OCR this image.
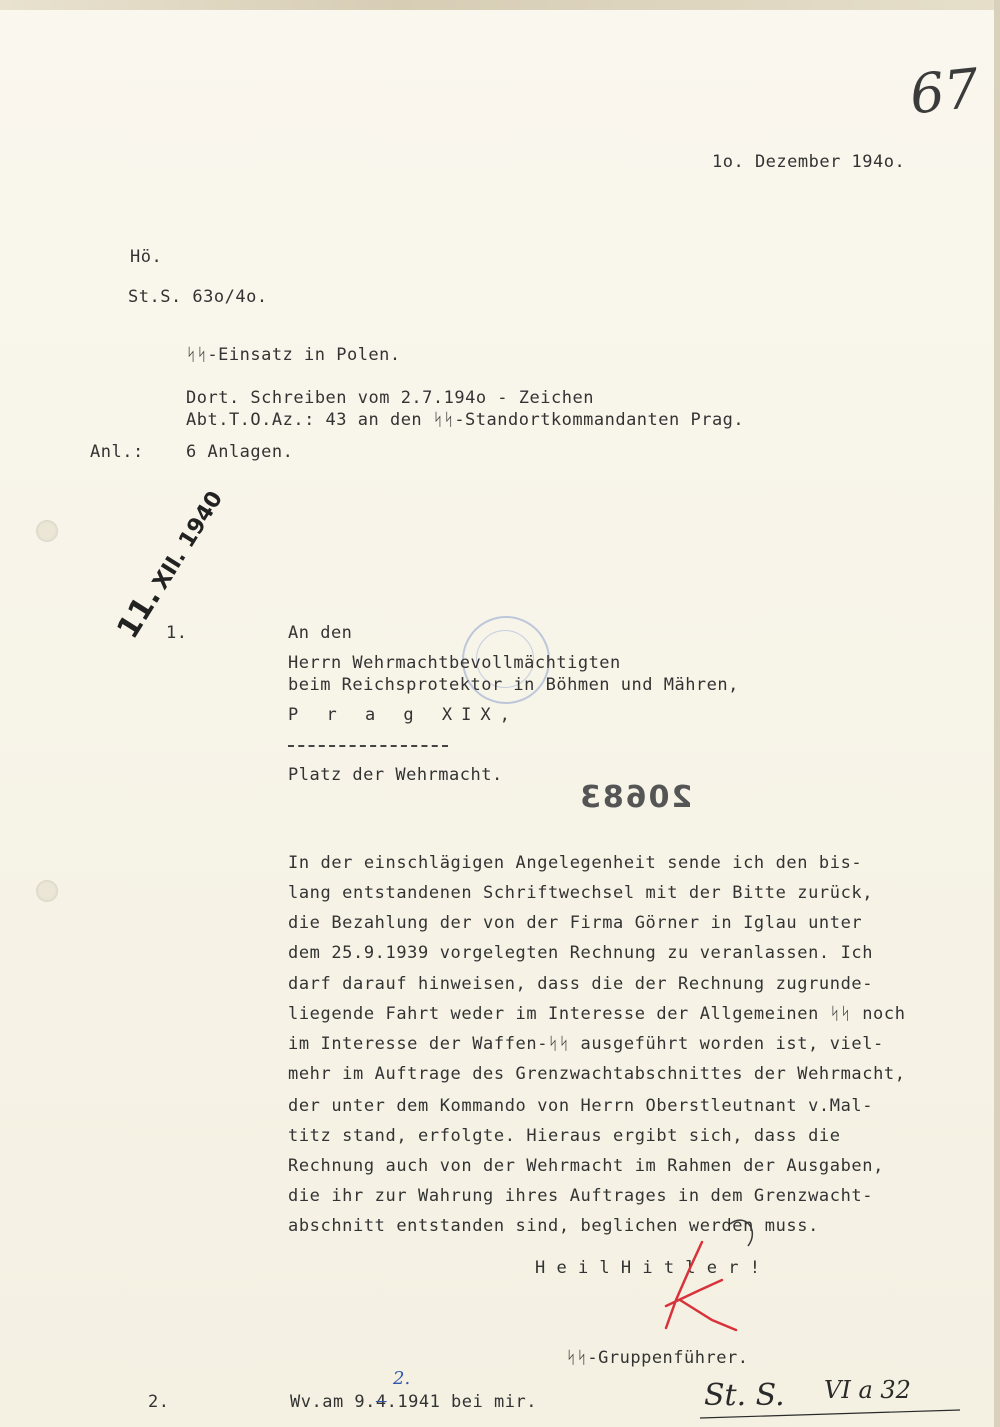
67
1o. Dezember 194o.
Hö.
St.S. 63o/4o.
ᛋᛋ-Einsatz in Polen.
Dort. Schreiben vom 2.7.194o - Zeichen
Abt.T.O.Az.: 43 an den ᛋᛋ-Standortkommandanten Prag.
Anl.: 6 Anlagen.
11. XII. 1940
1.	An den
Herrn Wehrmachtbevollmächtigten
beim Reichsprotektor in Böhmen und Mähren,
P r a g XIX,
Platz der Wehrmacht.
20683
In der einschlägigen Angelegenheit sende ich den bis-
lang entstandenen Schriftwechsel mit der Bitte zurück,
die Bezahlung der von der Firma Görner in Iglau unter
dem 25.9.1939 vorgelegten Rechnung zu veranlassen. Ich
darf darauf hinweisen, dass die der Rechnung zugrunde-
liegende Fahrt weder im Interesse der Allgemeinen ᛋᛋ noch
im Interesse der Waffen-ᛋᛋ ausgeführt worden ist, viel-
mehr im Auftrage des Grenzwachtabschnittes der Wehrmacht,
der unter dem Kommando von Herrn Oberstleutnant v.Mal-
titz stand, erfolgte. Hieraus ergibt sich, dass die
Rechnung auch von der Wehrmacht im Rahmen der Ausgaben,
die ihr zur Wahrung ihres Auftrages in dem Grenzwacht-
abschnitt entstanden sind, beglichen werden muss.
H e i l H i t l e r !
ᛋᛋ-Gruppenführer.
2.	Wv.am 9.4.1941 bei mir.
2.	St. S. VI a 32
